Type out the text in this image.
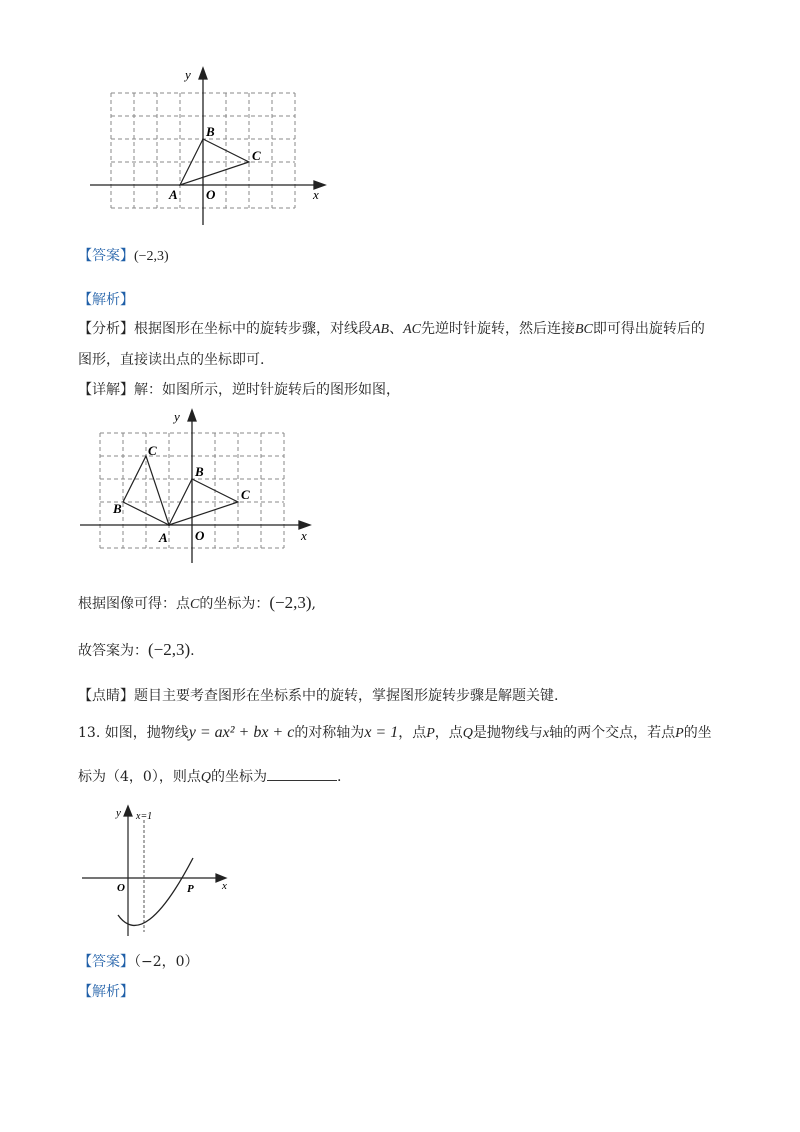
y
x
O
A
B
C
【答案】(−2,3)
【解析】
【分析】根据图形在坐标中的旋转步骤，对线段AB、AC先逆时针旋转，然后连接BC即可得出旋转后的
图形，直接读出点的坐标即可.
【详解】解：如图所示，逆时针旋转后的图形如图，
y
x
O
A
B
C
B
C
根据图像可得：点C的坐标为：(−2,3),
故答案为：(−2,3).
【点睛】题目主要考查图形在坐标系中的旋转，掌握图形旋转步骤是解题关键.
13. 如图，抛物线y = ax² + bx + c的对称轴为x = 1，点P，点Q是抛物线与x轴的两个交点，若点P的坐
标为（4，0），则点Q的坐标为	.
y x=1
x
O	P
【答案】（−2，0）
【解析】
